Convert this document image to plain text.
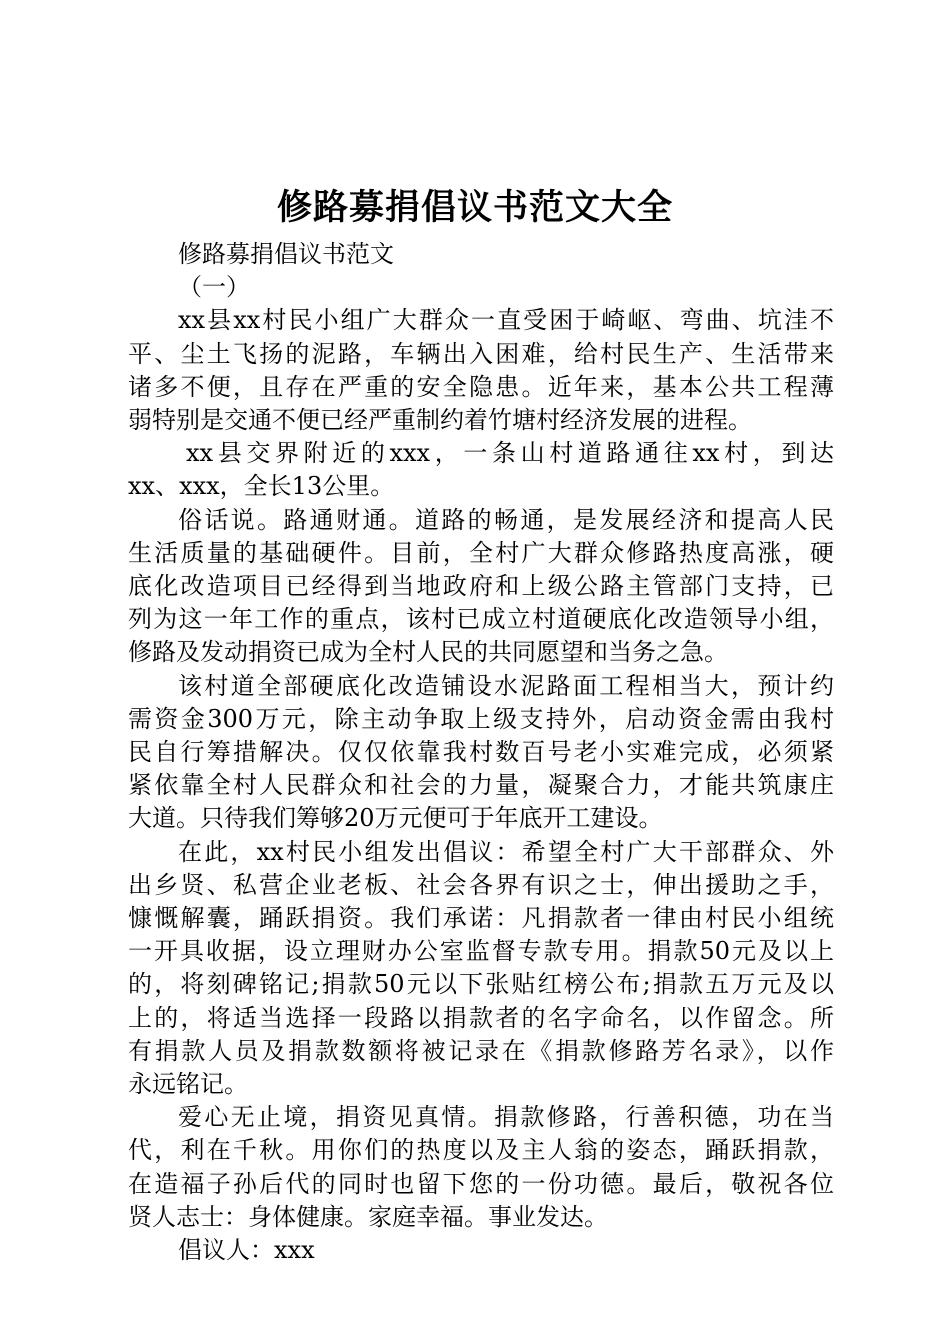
修路募捐倡议书范文大全
修路募捐倡议书范文
（一）
xx县xx村民小组广大群众一直受困于崎岖、弯曲、坑洼不
平、尘土飞扬的泥路，车辆出入困难，给村民生产、生活带来
诸多不便，且存在严重的安全隐患。近年来，基本公共工程薄
弱特别是交通不便已经严重制约着竹塘村经济发展的进程。
xx县交界附近的xxx，一条山村道路通往xx村，到达
xx、xxx，全长13公里。
俗话说。路通财通。道路的畅通，是发展经济和提高人民
生活质量的基础硬件。目前，全村广大群众修路热度高涨，硬
底化改造项目已经得到当地政府和上级公路主管部门支持，已
列为这一年工作的重点，该村已成立村道硬底化改造领导小组，
修路及发动捐资已成为全村人民的共同愿望和当务之急。
该村道全部硬底化改造铺设水泥路面工程相当大，预计约
需资金300万元，除主动争取上级支持外，启动资金需由我村
民自行筹措解决。仅仅依靠我村数百号老小实难完成，必须紧
紧依靠全村人民群众和社会的力量，凝聚合力，才能共筑康庄
大道。只待我们筹够20万元便可于年底开工建设。
在此，xx村民小组发出倡议：希望全村广大干部群众、外
出乡贤、私营企业老板、社会各界有识之士，伸出援助之手，
慷慨解囊，踊跃捐资。我们承诺：凡捐款者一律由村民小组统
一开具收据，设立理财办公室监督专款专用。捐款50元及以上
的，将刻碑铭记;捐款50元以下张贴红榜公布;捐款五万元及以
上的，将适当选择一段路以捐款者的名字命名，以作留念。所
有捐款人员及捐款数额将被记录在《捐款修路芳名录》，以作
永远铭记。
爱心无止境，捐资见真情。捐款修路，行善积德，功在当
代，利在千秋。用你们的热度以及主人翁的姿态，踊跃捐款，
在造福子孙后代的同时也留下您的一份功德。最后，敬祝各位
贤人志士：身体健康。家庭幸福。事业发达。
倡议人：xxx
